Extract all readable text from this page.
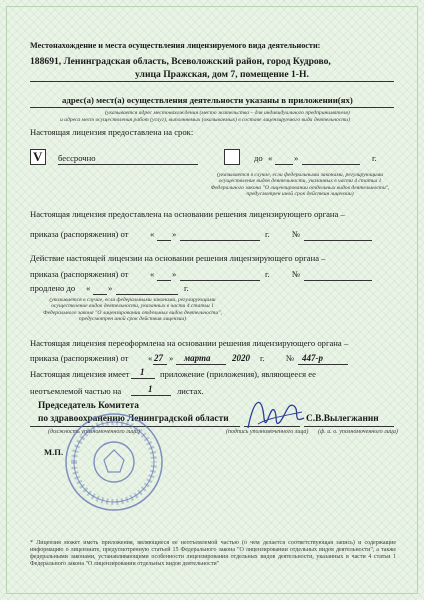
Местонахождение и места осуществления лицензируемого вида деятельности:
188691, Ленинградская область, Всеволожский район, город Кудрово,
улица Пражская, дом 7, помещение 1-Н.
адрес(а) мест(а) осуществления деятельности указаны в приложении(ях)
(указывается адрес местонахождения (место жительства – для индивидуального предпринимателя)
и адреса мест осуществления работ (услуг), выполняемых (оказываемых) в составе лицензируемого вида деятельности)
Настоящая лицензия предоставлена на срок:
V бессрочно	до «	»	г.
(указывается в случае, если федеральными законами, регулирующими осуществление видов деятельности, указанных в части 4 статьи 1 Федерального закона "О лицензировании отдельных видов деятельности", предусмотрен иной срок действия лицензии)
Настоящая лицензия предоставлена на основании решения лицензирующего органа –
приказа (распоряжения) от	« »	г.	№
Действие настоящей лицензии на основании решения лицензирующего органа –
приказа (распоряжения) от	« »	г.	№
продлено до « »	г.
(указывается в случае, если федеральными законами, регулирующими осуществление видов деятельности, указанных в части 4 статьи 1 Федерального закона "О лицензировании отдельных видов деятельности", предусмотрен иной срок действия лицензии)
Настоящая лицензия переоформлена на основании решения лицензирующего органа –
приказа (распоряжения) от « 27 » марта 2020 г. № 447-р
Настоящая лицензия имеет 1 приложение (приложения), являющееся ее
неотъемлемой частью на	1	листах.
Председатель Комитета
по здравоохранению Ленинградской области	С.В.Вылегжанин
(должность уполномоченного лица)	(подпись уполномоченного лица) (ф. и. о. уполномоченного лица)
М.П.
* Лицензия может иметь приложения, являющиеся ее неотъемлемой частью (о чем делается соответствующая запись) и содержащие информацию о лицензиате, предусмотренную статьей 15 Федерального закона "О лицензировании отдельных видов деятельности", а также федеральными законами, устанавливающими особенности лицензирования отдельных видов деятельности, указанных в части 4 статьи 1 Федерального закона "О лицензировании отдельных видов деятельности"
